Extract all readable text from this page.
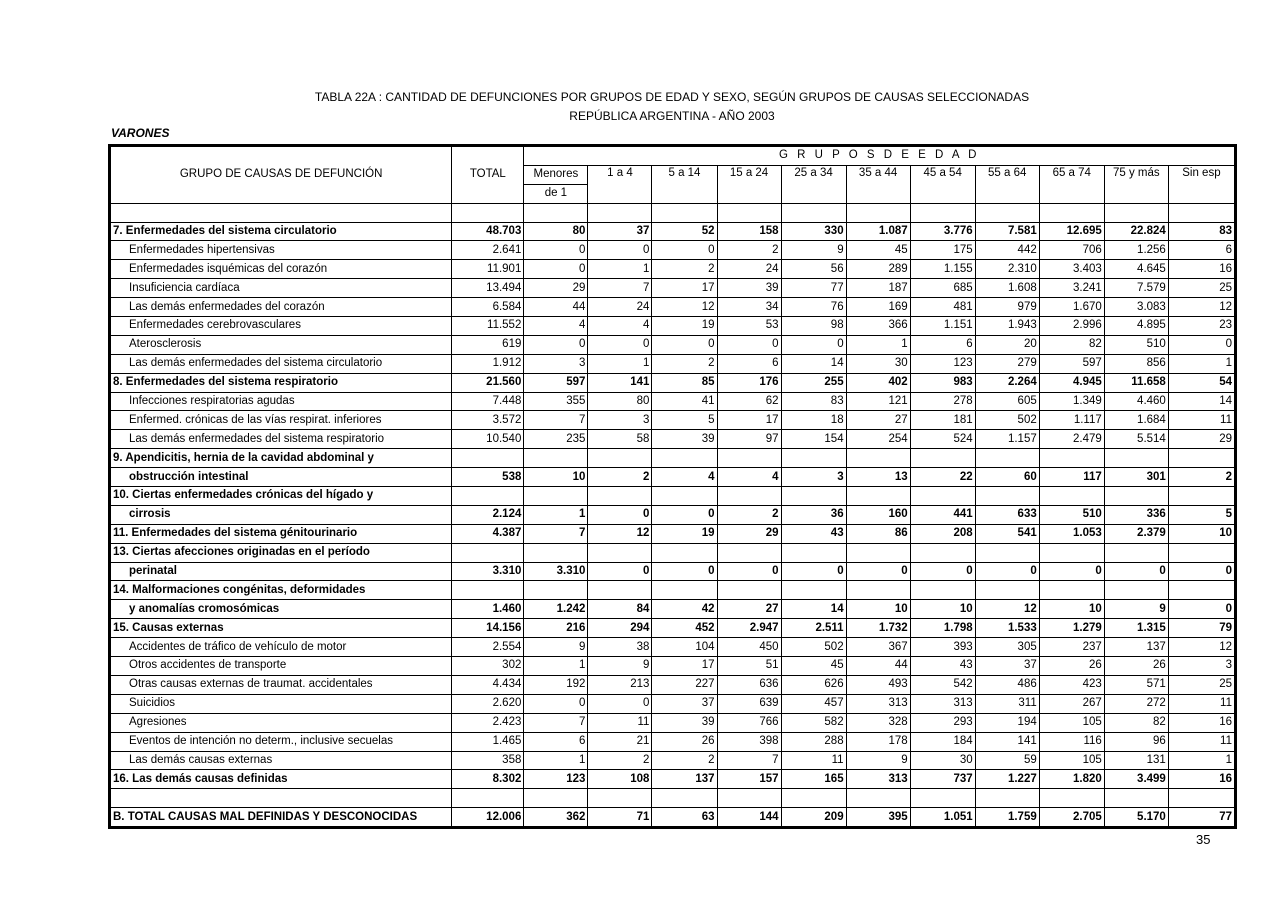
TABLA 22A : CANTIDAD DE DEFUNCIONES POR GRUPOS DE EDAD Y SEXO, SEGÚN GRUPOS DE CAUSAS SELECCIONADAS
REPÚBLICA ARGENTINA - AÑO 2003
VARONES
GRUPO DE CAUSAS DE DEFUNCIÓN	TOTAL	G R U P O S D E E D A D										
		Menores	1 a 4	5 a 14	15 a 24	25 a 34	35 a 44	45 a 54	55 a 64	65 a 74	75 y más	Sin esp
		de 1										

7. Enfermedades del sistema circulatorio	48.703	80	37	52	158	330	1.087	3.776	7.581	12.695	22.824	83
Enfermedades hipertensivas	2.641	0	0	0	2	9	45	175	442	706	1.256	6
Enfermedades isquémicas del corazón	11.901	0	1	2	24	56	289	1.155	2.310	3.403	4.645	16
Insuficiencia cardíaca	13.494	29	7	17	39	77	187	685	1.608	3.241	7.579	25
Las demás enfermedades del corazón	6.584	44	24	12	34	76	169	481	979	1.670	3.083	12
Enfermedades cerebrovasculares	11.552	4	4	19	53	98	366	1.151	1.943	2.996	4.895	23
Aterosclerosis	619	0	0	0	0	0	1	6	20	82	510	0
Las demás enfermedades del sistema circulatorio	1.912	3	1	2	6	14	30	123	279	597	856	1
8. Enfermedades del sistema respiratorio	21.560	597	141	85	176	255	402	983	2.264	4.945	11.658	54
Infecciones respiratorias agudas	7.448	355	80	41	62	83	121	278	605	1.349	4.460	14
Enfermed. crónicas de las vías respirat. inferiores	3.572	7	3	5	17	18	27	181	502	1.117	1.684	11
Las demás enfermedades del sistema respiratorio	10.540	235	58	39	97	154	254	524	1.157	2.479	5.514	29
9. Apendicitis, hernia de la cavidad abdominal y												
obstrucción intestinal	538	10	2	4	4	3	13	22	60	117	301	2
10. Ciertas enfermedades crónicas del hígado y												
cirrosis	2.124	1	0	0	2	36	160	441	633	510	336	5
11. Enfermedades del sistema génitourinario	4.387	7	12	19	29	43	86	208	541	1.053	2.379	10
13. Ciertas afecciones originadas en el período												
perinatal	3.310	3.310	0	0	0	0	0	0	0	0	0	0
14. Malformaciones congénitas, deformidades												
y anomalías cromosómicas	1.460	1.242	84	42	27	14	10	10	12	10	9	0
15. Causas externas	14.156	216	294	452	2.947	2.511	1.732	1.798	1.533	1.279	1.315	79
Accidentes de tráfico de vehículo de motor	2.554	9	38	104	450	502	367	393	305	237	137	12
Otros accidentes de transporte	302	1	9	17	51	45	44	43	37	26	26	3
Otras causas externas de traumat. accidentales	4.434	192	213	227	636	626	493	542	486	423	571	25
Suicidios	2.620	0	0	37	639	457	313	313	311	267	272	11
Agresiones	2.423	7	11	39	766	582	328	293	194	105	82	16
Eventos de intención no determ., inclusive secuelas	1.465	6	21	26	398	288	178	184	141	116	96	11
Las demás causas externas	358	1	2	2	7	11	9	30	59	105	131	1
16. Las demás causas definidas	8.302	123	108	137	157	165	313	737	1.227	1.820	3.499	16

B. TOTAL CAUSAS MAL DEFINIDAS Y DESCONOCIDAS	12.006	362	71	63	144	209	395	1.051	1.759	2.705	5.170	77
35
